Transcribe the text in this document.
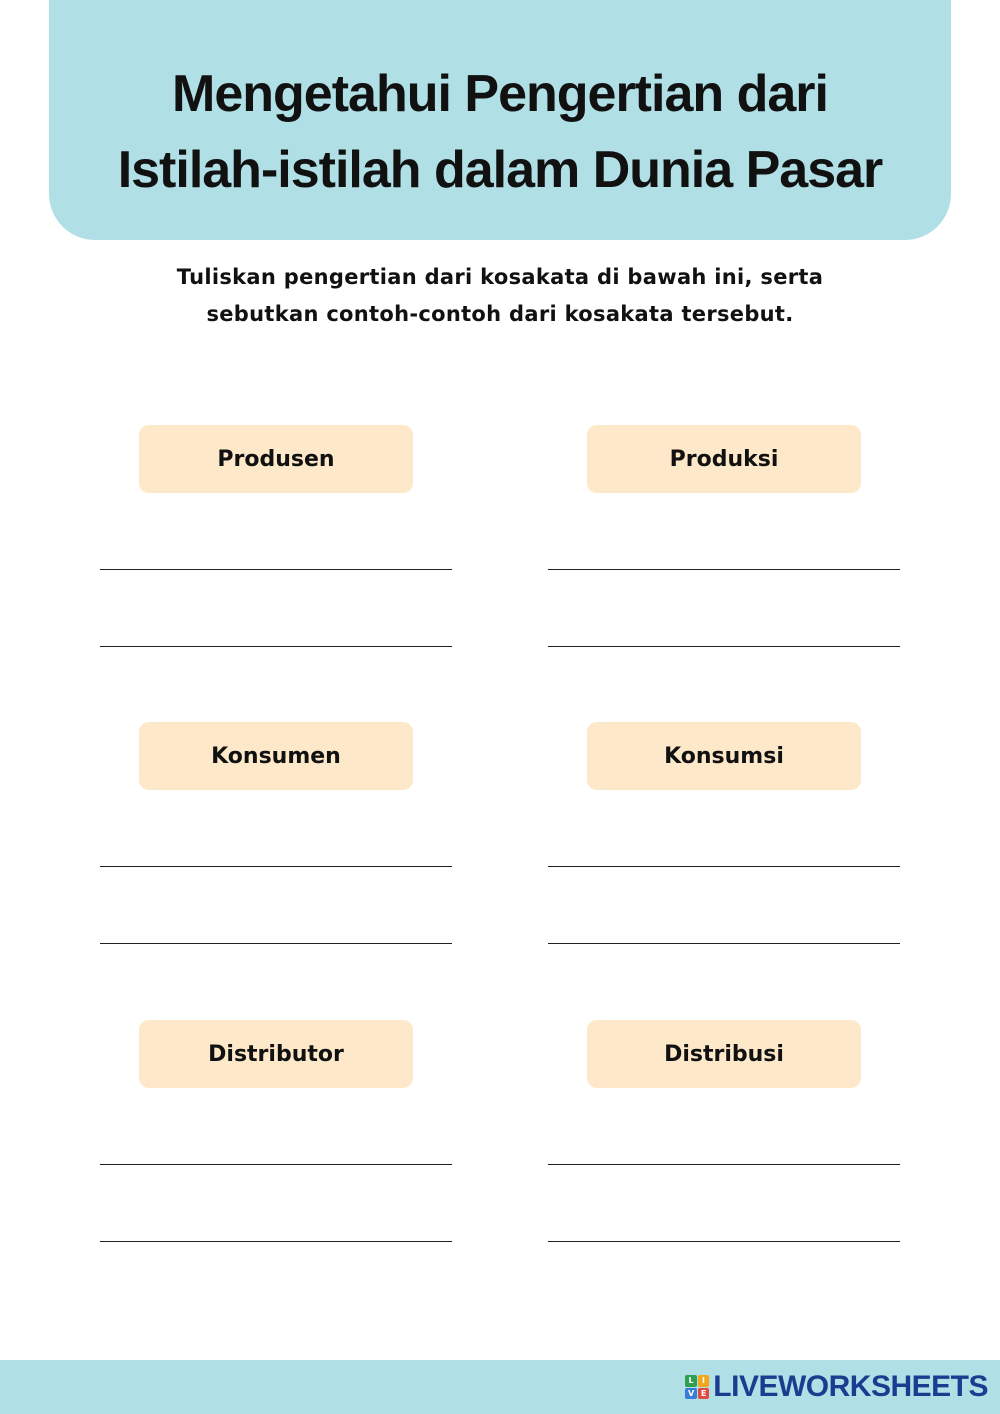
Mengetahui Pengertian dari
Istilah-istilah dalam Dunia Pasar

Tuliskan pengertian dari kosakata di bawah ini, serta

sebutkan contoh-contoh dari kosakata tersebut.

Produsen	Produksi
Konsumen	Konsumsi
Distributor	Distribusi
L	I
V E LIVEWORKSHEETS
